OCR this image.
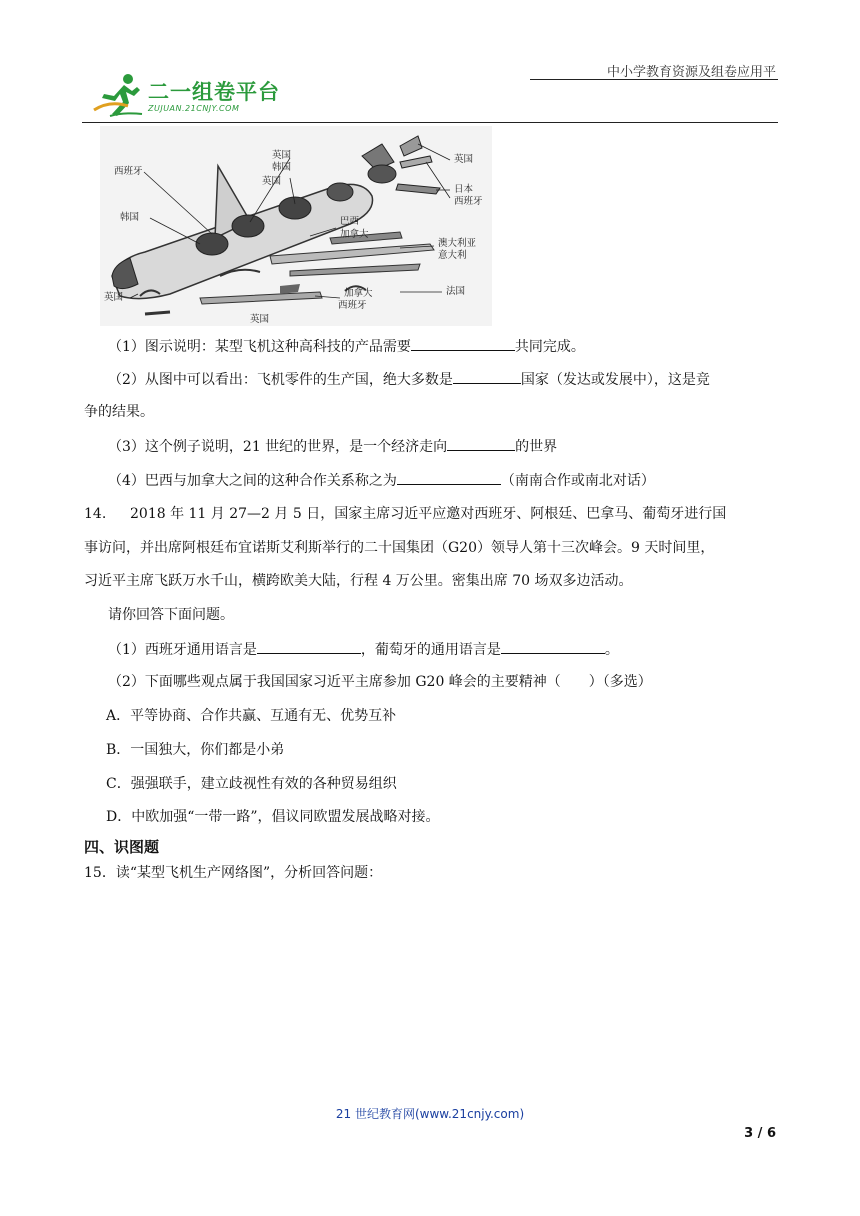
中小学教育资源及组卷应用平
二一组卷平台
ZUJUAN.21CNJY.COM
西班牙
韩国
英国
英国
韩国
英国
英国
日本
西班牙
巴西
加拿大
澳大利亚
意大利
法国
加拿大
西班牙
英国
（1）图示说明：某型飞机这种高科技的产品需要	共同完成。
（2）从图中可以看出：飞机零件的生产国，绝大多数是	国家（发达或发展中），这是竞
争的结果。
（3）这个例子说明，21 世纪的世界，是一个经济走向	的世界
（4）巴西与加拿大之间的这种合作关系称之为	（南南合作或南北对话）
14.	2018 年 11 月 27—2 月 5 日，国家主席习近平应邀对西班牙、阿根廷、巴拿马、葡萄牙进行国
事访问，并出席阿根廷布宜诺斯艾利斯举行的二十国集团（G20）领导人第十三次峰会。9 天时间里，
习近平主席飞跃万水千山，横跨欧美大陆，行程 4 万公里。密集出席 70 场双多边活动。
请你回答下面问题。
（1）西班牙通用语言是	，葡萄牙的通用语言是	。
（2）下面哪些观点属于我国国家习近平主席参加 G20 峰会的主要精神（　　）（多选）
A．平等协商、合作共赢、互通有无、优势互补
B．一国独大，你们都是小弟
C．强强联手，建立歧视性有效的各种贸易组织
D．中欧加强“一带一路”，倡议同欧盟发展战略对接。
四、识图题
15．读“某型飞机生产网络图”，分析回答问题：
21 世纪教育网(www.21cnjy.com)
3 / 6
